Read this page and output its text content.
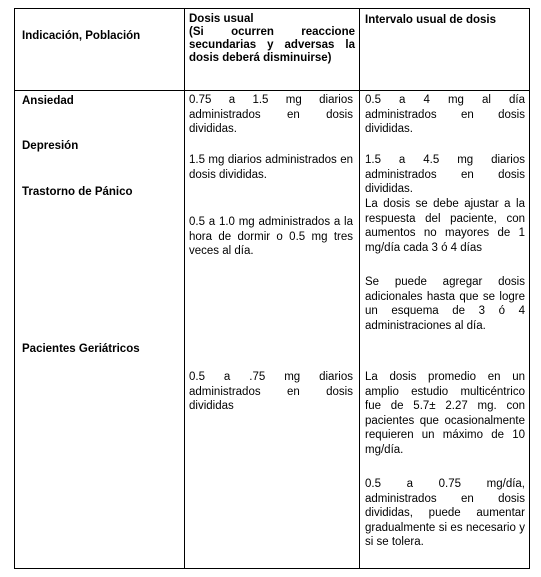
Indicación, Población
Dosis usual
(Si ocurren reaccione secundarias y adversas la dosis deberá disminuirse)
Intervalo usual de dosis
Ansiedad
Depresión
Trastorno de Pánico
Pacientes Geriátricos
0.75 a 1.5 mg diarios administrados en dosis divididas.
1.5 mg diarios administrados en dosis divididas.
0.5 a 1.0 mg administrados a la hora de dormir o 0.5 mg tres veces al día.
0.5 a .75 mg diarios administrados en dosis divididas
0.5 a 4 mg al día administrados en dosis divididas.
1.5 a 4.5 mg diarios administrados en dosis divididas.
La dosis se debe ajustar a la respuesta del paciente, con aumentos no mayores de 1 mg/día cada 3 ó 4 días
Se puede agregar dosis adicionales hasta que se logre un esquema de 3 ó 4 administraciones al día.
La dosis promedio en un amplio estudio multicéntrico fue de 5.7± 2.27 mg. con pacientes que ocasionalmente requieren un máximo de 10 mg/día.
0.5 a 0.75 mg/día, administrados en dosis divididas, puede aumentar gradualmente si es necesario y si se tolera.
